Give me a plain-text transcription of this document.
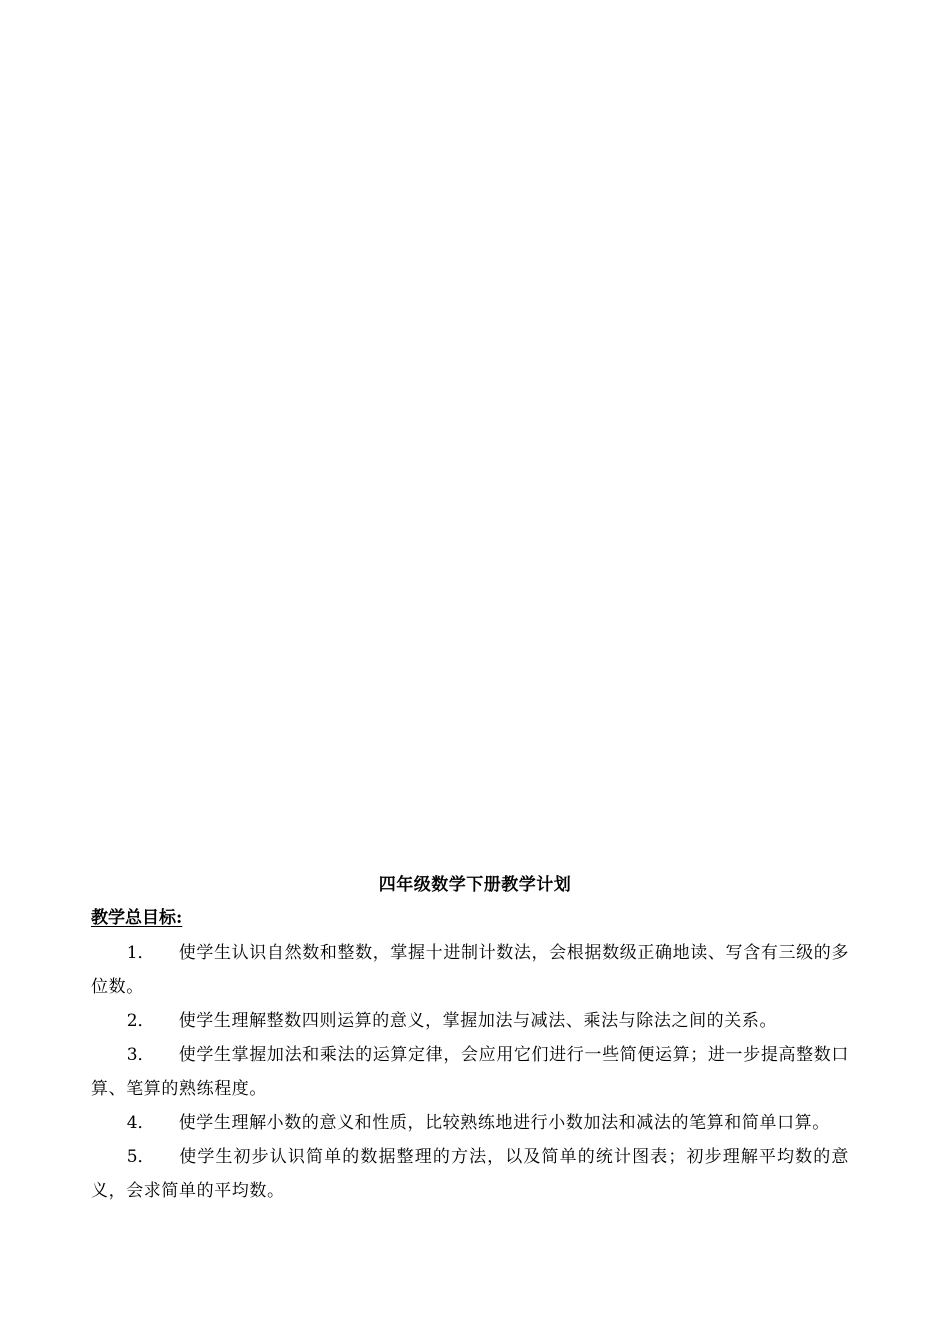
四年级数学下册教学计划
教学总目标:
1． 使学生认识自然数和整数，掌握十进制计数法，会根据数级正确地读、写含有三级的多位数。
2． 使学生理解整数四则运算的意义，掌握加法与减法、乘法与除法之间的关系。
3． 使学生掌握加法和乘法的运算定律，会应用它们进行一些简便运算；进一步提高整数口算、笔算的熟练程度。
4． 使学生理解小数的意义和性质，比较熟练地进行小数加法和减法的笔算和简单口算。
5． 使学生初步认识简单的数据整理的方法，以及简单的统计图表；初步理解平均数的意义，会求简单的平均数。
